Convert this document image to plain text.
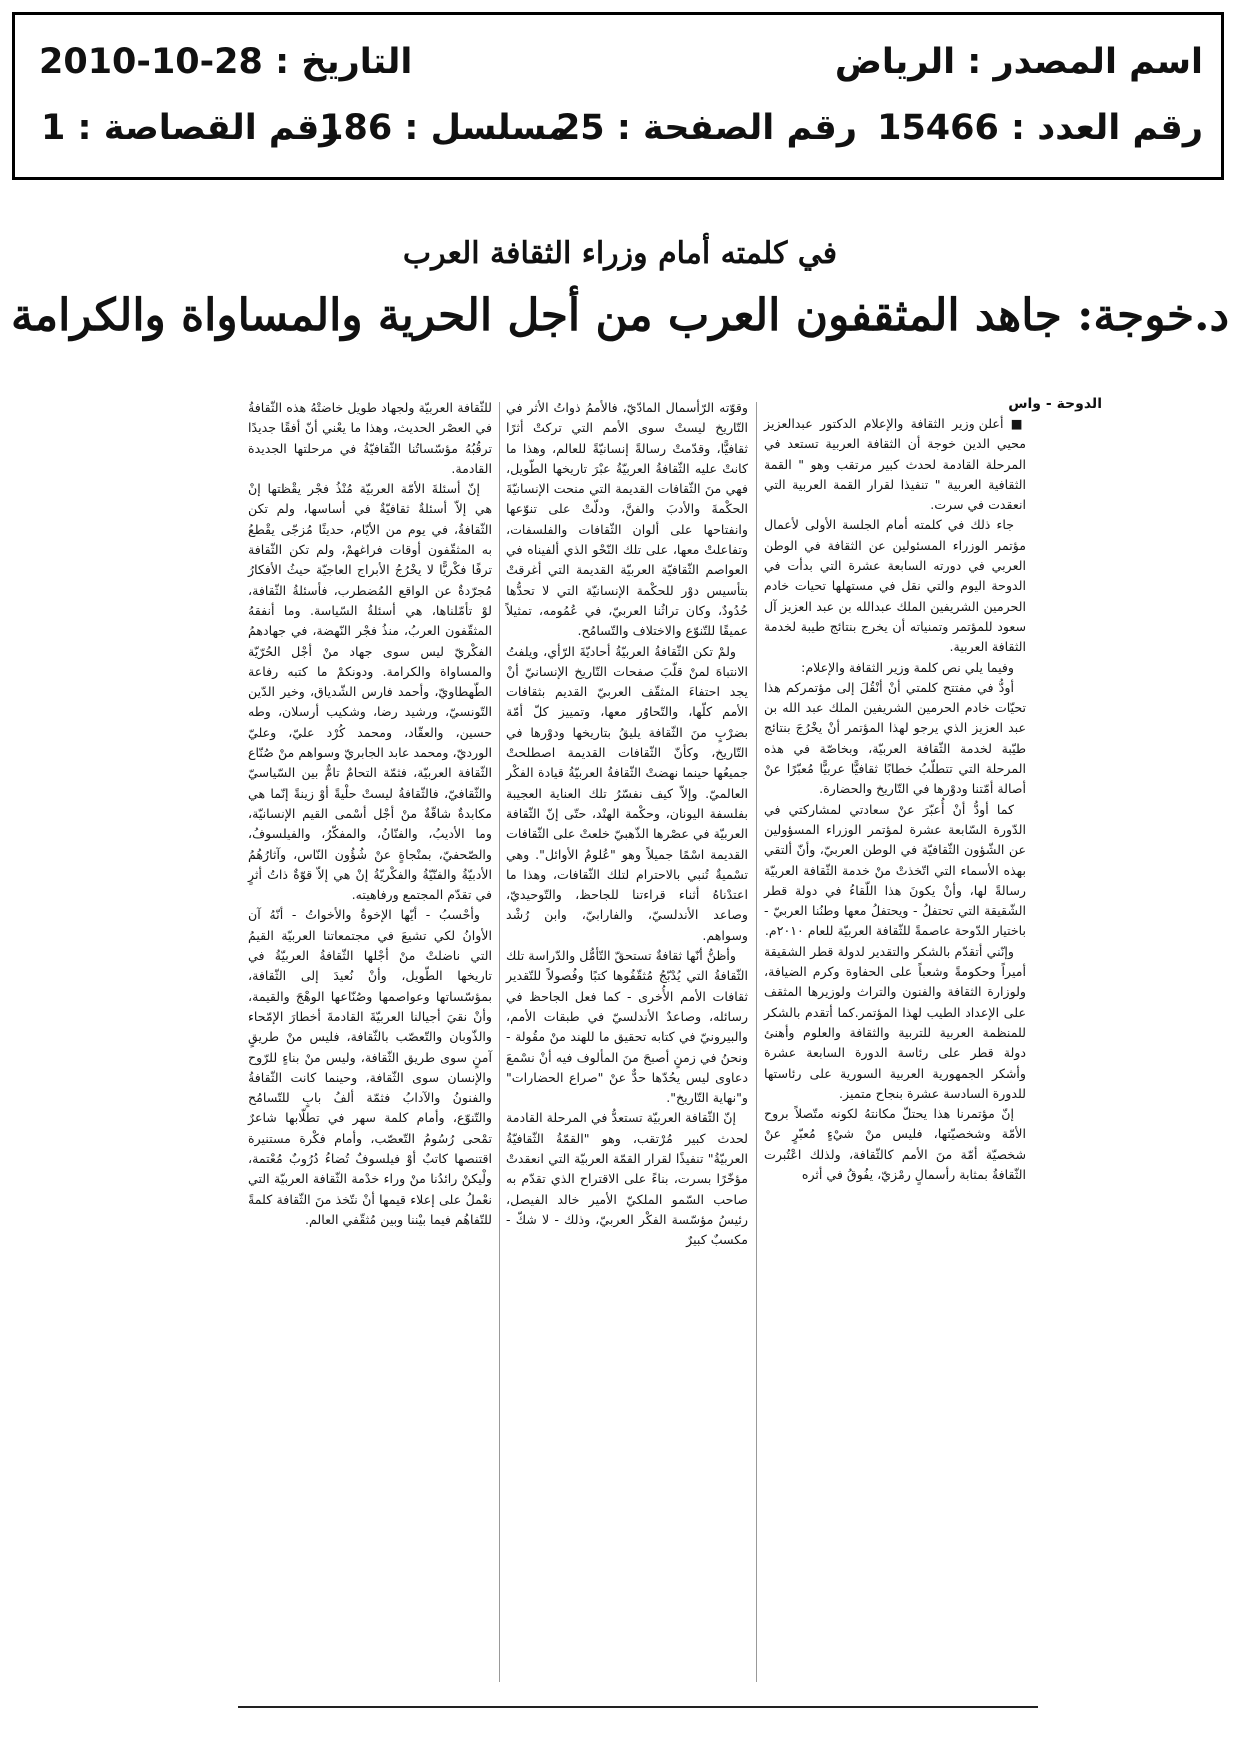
اسم المصدر : الرياض
التاريخ : 2010-10-28
رقم العدد : 15466
رقم الصفحة : 25
مسلسل : 186
رقم القصاصة : 1
في كلمته أمام وزراء الثقافة العرب
د.خوجة: جاهد المثقفون العرب من أجل الحرية والمساواة والكرامة
الدوحة - واس

■ أعلن وزير الثقافة والإعلام الدكتور عبدالعزيز محيي الدين خوجة أن الثقافة العربية تستعد في المرحلة القادمة لحدث كبير مرتقب وهو " القمة الثقافية العربية " تنفيذا لقرار القمة العربية التي انعقدت في سرت.

جاء ذلك في كلمته أمام الجلسة الأولى لأعمال مؤتمر الوزراء المسئولين عن الثقافة في الوطن العربي في دورته السابعة عشرة التي بدأت في الدوحة اليوم والتي نقل في مستهلها تحيات خادم الحرمين الشريفين الملك عبدالله بن عبد العزيز آل سعود للمؤتمر وتمنياته أن يخرج بنتائج طيبة لخدمة الثقافة العربية.

وفيما يلي نص كلمة وزير الثقافة والإعلام:

أودُّ في مفتتح كلمتي أنْ أنْقُلَ إلى مؤتمركم هذا تحيّات خادم الحرمين الشريفين الملك عبد الله بن عبد العزيز الذي يرجو لهذا المؤتمر أنْ يخْرُجَ بنتائج طيّبة لخدمة الثّقافة العربيّة، وبخاصّة في هذه المرحلة التي تتطلّبُ خطابًا ثقافيًّا عربيًّا مُعبّرًا عنْ أصالة أمّتنا ودوْرها في التّاريخ والحضارة.

كما أودُّ أنْ أُعبّرَ عنْ سعادتي لمشاركتي في الدّورة السّابعة عشرة لمؤتمر الوزراء المسؤولين عن الشّؤون الثّقافيّة في الوطن العربيّ، وأنّ ألتقي بهذه الأسماء التي اتّخذتْ منْ خدمة الثّقافة العربيّة رسالةً لها، وأنْ يكونَ هذا اللّقاءُ في دولة قطر الشّقيقة التي تحتفلُ - ويحتفلُ معها وطنُنا العربيّ - باختيار الدّوحة عاصمةً للثّقافة العربيّة للعام ٢٠١٠م.

وإنّني أتقدّم بالشكر والتقدير لدولة قطر الشقيقة أميراً وحكومةً وشعباً على الحفاوة وكرم الضيافة، ولوزارة الثقافة والفنون والتراث ولوزيرها المثقف على الإعداد الطيب لهذا المؤتمر.كما أتقدم بالشكر للمنظمة العربية للتربية والثقافة والعلوم وأهنئ دولة قطر على رئاسة الدورة السابعة عشرة وأشكر الجمهورية العربية السورية على رئاستها للدورة السادسة عشرة بنجاح متميز.

إنّ مؤتمرنا هذا يحتلّ مكانتهُ لكونه متّصلاً بروح الأمّة وشخصيّتها، فليس منْ شيْءٍ مُعبّرٍ عنْ شخصيّة أمّة منَ الأمم كالثّقافة، ولذلك اعْتُبرت الثّقافةُ بمثابة رأسمالٍ رمْزيّ، يفُوقُ في أثره

وقوّته الرّأسمال المادّيّ، فالأممُ ذواتُ الأثر في التّاريخ ليستْ سوى الأمم التي تركتْ أثرًا ثقافيًّا، وقدّمتْ رسالةً إنسانيّةً للعالم، وهذا ما كانتْ عليه الثّقافةُ العربيّةُ عبْرَ تاريخها الطّويل، فهي منَ الثّقافات القديمة التي منحت الإنسانيّةَ الحكْمةَ والأدبَ والفنَّ، ودلّتْ على تنوّعها وانفتاحها على ألوان الثّقافات والفلسفات، وتفاعلتْ معها، على تلك النّحْو الذي ألفيناه في العواصم الثّقافيّة العربيّة القديمة التي أغرقتْ بتأسيس دوْر للحكْمة الإنسانيّة التي لا تحدُّها حُدُودٌ، وكان تراثُنا العربيّ، في عُمُومه، تمثيلاً عميقًا للتّنوّع والاختلاف والتّسامُح.

ولمْ تكن الثّقافةُ العربيّةُ أحاديّةَ الرّأي، ويلفتُ الانتباهَ لمنْ قلّبَ صفحات التّاريخ الإنسانيّ أنْ يجد احتفاءَ المثقّف العربيّ القديم بثقافات الأمم كلّها، والتّحاوُر معها، وتمييز كلّ أمّة بضرْبٍ منَ الثّقافة يليقُ بتاريخها ودوْرها في التّاريخ، وكأنّ الثّقافات القديمة اصطلحتْ جميعُها حينما نهضتْ الثّقافةُ العربيّةُ قيادة الفكْر العالميّ. وإلاّ كيف نفسّرُ تلك العناية العجيبة بفلسفة اليونان، وحكْمة الهنْد، حتّى إنّ الثّقافة العربيّة في عصْرها الذّهبيّ خلعتْ على الثّقافات القديمة اسْمًا جميلاً وهو "عُلومُ الأوائل". وهي تسْميةٌ تُنبي بالاحترام لتلك الثّقافات، وهذا ما اعتدْناهُ أثناء قراءتنا للجاحظ، والتّوحيديّ، وصاعد الأندلسيّ، والفارابيّ، وابن رُشْد وسواهم.

وأظنُّ أنّها ثقافةٌ تستحقّ التّأمُّل والدّراسة تلك الثّقافةُ التي يُدْبّجُ مُثقّفُوها كتبًا وفُصولاً للتّقدير ثقافات الأمم الأُخرى - كما فعل الجاحظ في رسائله، وصاعدٌ الأندلسيّ في طبقات الأمم، والبيرونيّ في كتابه تحقيق ما للهند منْ مقُولة - ونحنُ في زمنٍ أصبحَ منَ المألوف فيه أنْ نسْمعَ دعاوى ليس يحُدّها حدٌّ عنْ "صراع الحضارات" و"نهاية التّاريخ".

إنّ الثّقافة العربيّة تستعدُّ في المرحلة القادمة لحدث كبير مُرْتقب، وهو "القمّةُ الثّقافيّةُ العربيّةُ" تنفيذًا لقرار القمّة العربيّة التي انعقدتْ مؤخّرًا بسرت، بناءً على الاقتراح الذي تقدّم به صاحب السّمو الملكيّ الأمير خالد الفيصل، رئيسُ مؤسّسة الفكْر العربيّ، وذلك - لا شكّ - مكسبٌ كبيرٌ

للثّقافة العربيّة ولجهاد طويل خاضتْهُ هذه الثّقافةُ في العصْر الحديث، وهذا ما يعْني أنّ أفقًا جديدًا ترقُبُهُ مؤسّساتُنا الثّقافيّةُ في مرحلتها الجديدة القادمة.

إنّ أسئلةَ الأمّة العربيّة مُنْذُ فجْر يقْظتها إنْ هي إلاّ أسئلةٌ ثقافيّةٌ في أساسها، ولم تكن الثّقافةُ، في يوم من الأيّام، حديثًا مُزجّى يقْطعُ به المثقّفون أوقات فراغهمْ، ولم تكن الثّقافة ترفًا فكْريًّا لا يخْرُجُ الأبراج العاجيّة حيثُ الأفكارُ مُجرّدةٌ عن الواقع المُضطرب، فأسئلةُ الثّقافة، لوْ تأمّلناها، هي أسئلةُ السّياسة. وما أنفقهُ المثقّفون العربُ، منذُ فجْر النّهضة، في جهادهمُ الفكْريّ ليس سوى جهاد منْ أجْل الحُرّيّة والمساواة والكرامة. ودونكمْ ما كتبه رفاعة الطّهطاويّ، وأحمد فارس الشّدياق، وخير الدّين التّونسيّ، ورشيد رضا، وشكيب أرسلان، وطه حسين، والعقّاد، ومحمد كُرْد عليّ، وعليّ الورديّ، ومحمد عابد الجابريّ وسواهم منْ صُنّاع الثّقافة العربيّة، فثمّة التحامٌ تامٌّ بين السّياسيّ والثّقافيّ، فالثّقافةُ ليستْ حلْيةً أوْ زينةً إنّما هي مكابدةٌ شاقّةٌ منْ أجْل أسْمى القيم الإنسانيّة، وما الأديبُ، والفنّانُ، والمفكّرُ، والفيلسوفُ، والصّحفيّ، بمنْجاةٍ عنْ شُؤُون النّاس، وآثارُهُمُ الأدبيّةُ والفنّيّةُ والفكْريّةُ إنْ هي إلاّ قوّةٌ ذاتُ أثرٍ في تقدّم المجتمع ورفاهيته.

وأحْسبُ - أيّها الإخوةُ والأخواتُ - أنّهُ آن الأوانُ لكي تشيعَ في مجتمعاتنا العربيّة القيمُ التي ناضلتْ منْ أجْلها الثّقافةُ العربيّةُ في تاريخها الطّويل، وأنْ نُعيدَ إلى الثّقافة، بمؤسّساتها وعواصمها وصُنّاعها الوهْجَ والقيمة، وأنْ نقيَ أجيالنا العربيّةَ القادمةَ أخطارَ الإمّحاء والذّوبان والتّعصّب بالثّقافة، فليس منْ طريقٍ آمنٍ سوى طريق الثّقافة، وليس منْ بناءٍ للرّوح والإنسان سوى الثّقافة، وحينما كانت الثّقافةُ والفنونُ والآدابُ فثمّة ألفُ بابٍ للتّسامُح والتّنوّع، وأمام كلمة سهر في تطلّابها شاعرٌ تمْحى رُسُومُ التّعصّب، وأمام فكْرة مستنيرة اقتنصها كاتبٌ أوْ فيلسوفٌ تُضاءُ دُرُوبٌ مُعْتمة، ولْيكنْ رائدُنا منْ وراء خدْمة الثّقافة العربيّة التي نعْملُ على إعلاء قيمها أنْ نتّخذ منَ الثّقافة كلمةً للتّفاهُم فيما بيْننا وبين مُثقّفي العالم.
